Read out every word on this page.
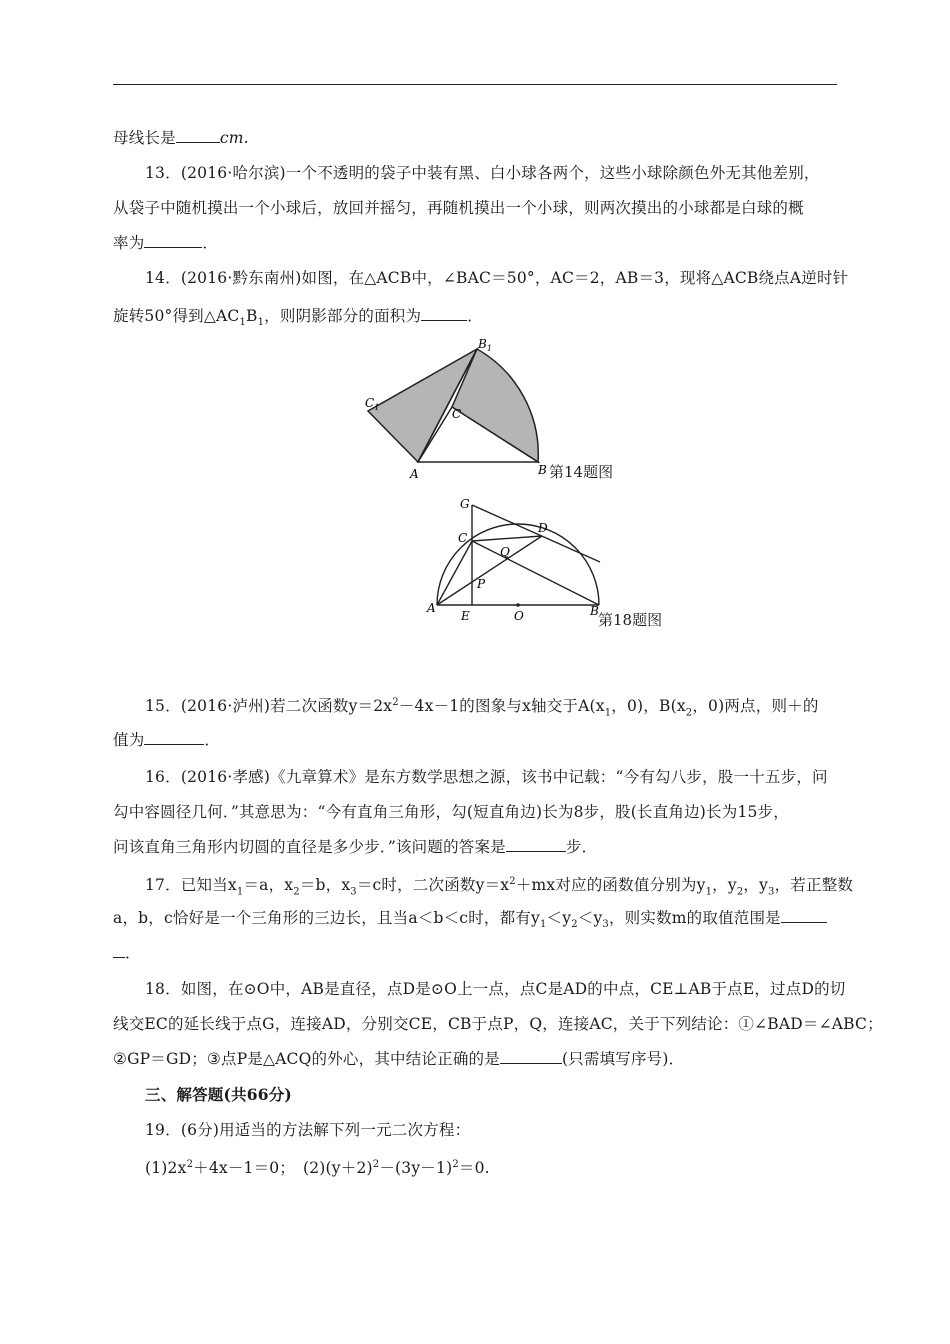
母线长是	cm.
13．(2016·哈尔滨)一个不透明的袋子中装有黑、白小球各两个，这些小球除颜色外无其他差别，
从袋子中随机摸出一个小球后，放回并摇匀，再随机摸出一个小球，则两次摸出的小球都是白球的概
率为	．
14．(2016·黔东南州)如图，在△ACB中，∠BAC＝50°，AC＝2，AB＝3，现将△ACB绕点A逆时针
旋转50°得到$\triangle AC_1B_1$，则阴影部分的面积为	．
$B_1$
$C_1$	C
A	B 第14题图
G
D
C
Q
P
A
E	O	B 第18题图
15．(2016·泸州)若二次函数$y=2x^2-4x-1$的图象与x轴交于$A(x_1$，0)，$B(x_2$，0)两点，则＋的
值为	．
16．(2016·孝感)《九章算术》是东方数学思想之源，该书中记载：“今有勾八步，股一十五步，问
勾中容圆径几何．”其意思为：“今有直角三角形，勾(短直角边)长为8步，股(长直角边)长为15步，
问该直角三角形内切圆的直径是多少步．”该问题的答案是	步．
17．已知当$x_1=a$，$x_2=b$，$x_3=c$时，二次函数$y=x^2+mx$对应的函数值分别为$y_1$，$y_2$，$y_3$，若正整数
a，b，c恰好是一个三角形的三边长，且当a＜b＜c时，都有$y_1<y_2<y_3$，则实数m的取值范围是
．
18．如图，在⊙O中，AB是直径，点D是⊙O上一点，点C是AD的中点，CE⊥AB于点E，过点D的切
线交EC的延长线于点G，连接AD，分别交CE，CB于点P，Q，连接AC，关于下列结论：①∠BAD＝∠ABC；
②GP＝GD；③点P是△ACQ的外心，其中结论正确的是	(只需填写序号)．
三、解答题(共66分)
19．(6分)用适当的方法解下列一元二次方程：
$(1)2x^2+4x-1=0$；　$(2)(y+2)^2-(3y-1)^2=0$.
